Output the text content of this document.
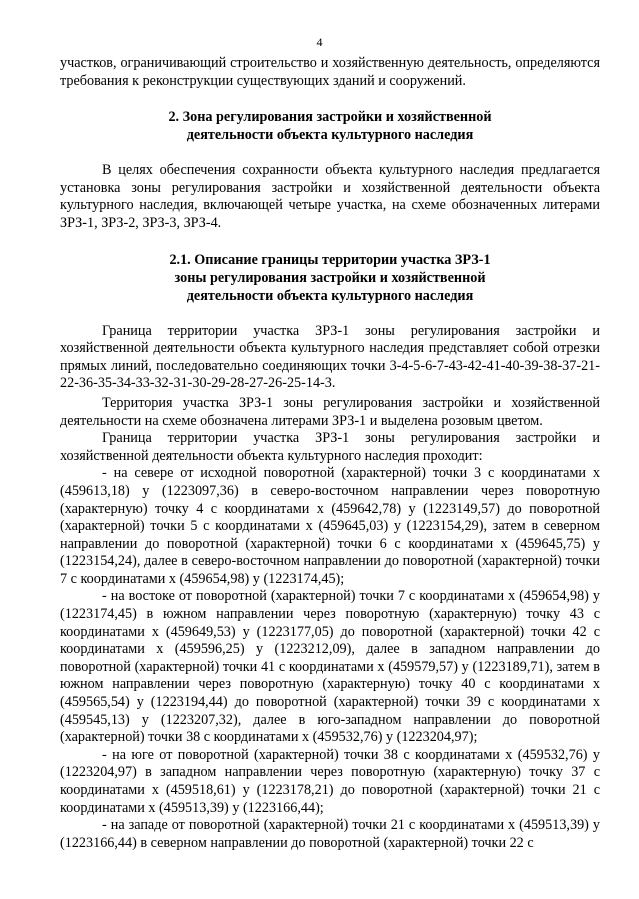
4

участков, ограничивающий строительство и хозяйственную деятельность, определяются требования к реконструкции существующих зданий и сооружений.

2. Зона регулирования застройки и хозяйственной
деятельности объекта культурного наследия

В целях обеспечения сохранности объекта культурного наследия предлагается установка зоны регулирования застройки и хозяйственной деятельности объекта культурного наследия, включающей четыре участка, на схеме обозначенных литерами ЗРЗ-1, ЗРЗ-2, ЗРЗ-3, ЗРЗ-4.

2.1. Описание границы территории участка ЗРЗ-1
зоны регулирования застройки и хозяйственной
деятельности объекта культурного наследия

Граница территории участка ЗРЗ-1 зоны регулирования застройки и хозяйственной деятельности объекта культурного наследия представляет собой отрезки прямых линий, последовательно соединяющих точки 3-4-5-6-7-43-42-41-40-39-38-37-21-22-36-35-34-33-32-31-30-29-28-27-26-25-14-3.

Территория участка ЗРЗ-1 зоны регулирования застройки и хозяйственной деятельности на схеме обозначена литерами ЗРЗ-1 и выделена розовым цветом.

Граница территории участка ЗРЗ-1 зоны регулирования застройки и хозяйственной деятельности объекта культурного наследия проходит:

- на севере от исходной поворотной (характерной) точки 3 с координатами x (459613,18) y (1223097,36) в северо-восточном направлении через поворотную (характерную) точку 4 с координатами x (459642,78) y (1223149,57) до поворотной (характерной) точки 5 с координатами x (459645,03) y (1223154,29), затем в северном направлении до поворотной (характерной) точки 6 с координатами x (459645,75) y (1223154,24), далее в северо-восточном направлении до поворотной (характерной) точки 7 с координатами x (459654,98) y (1223174,45);

- на востоке от поворотной (характерной) точки 7 с координатами x (459654,98) y (1223174,45) в южном направлении через поворотную (характерную) точку 43 с координатами x (459649,53) y (1223177,05) до поворотной (характерной) точки 42 с координатами x (459596,25) y (1223212,09), далее в западном направлении до поворотной (характерной) точки 41 с координатами x (459579,57) y (1223189,71), затем в южном направлении через поворотную (характерную) точку 40 с координатами x (459565,54) y (1223194,44) до поворотной (характерной) точки 39 с координатами x (459545,13) y (1223207,32), далее в юго-западном направлении до поворотной (характерной) точки 38 с координатами x (459532,76) y (1223204,97);

- на юге от поворотной (характерной) точки 38 с координатами x (459532,76) y (1223204,97) в западном направлении через поворотную (характерную) точку 37 с координатами x (459518,61) y (1223178,21) до поворотной (характерной) точки 21 с координатами x (459513,39) y (1223166,44);

- на западе от поворотной (характерной) точки 21 с координатами x (459513,39) y (1223166,44) в северном направлении до поворотной (характерной) точки 22 с
